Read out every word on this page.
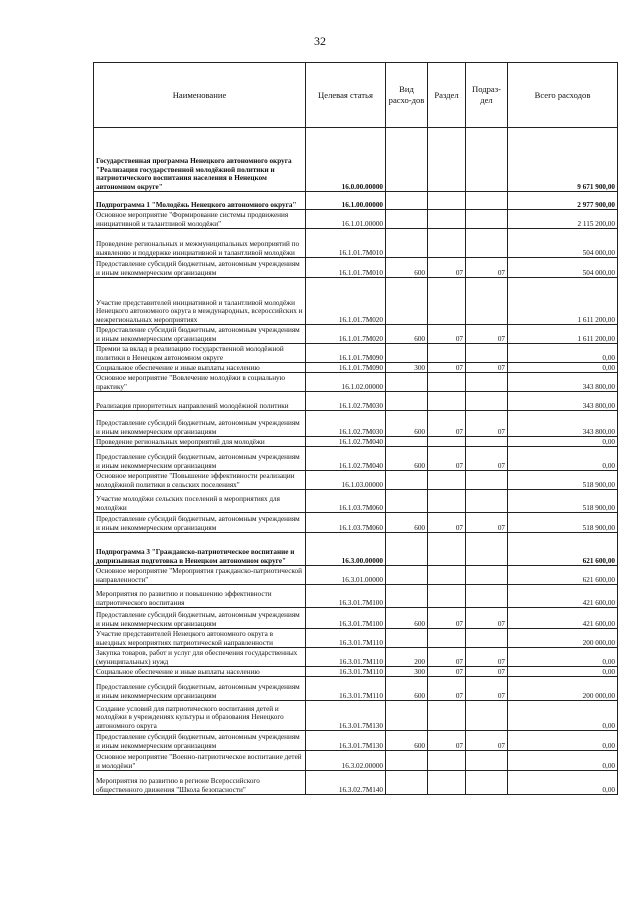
32
Наименование	Целевая статья	Вид расхо-дов	Раздел	Подраз-дел	Всего расходов
Государственная программа Ненецкого автономного округа "Реализация государственной молодёжной политики и патриотического воспитания населения в Ненецком автономном округе"	16.0.00.00000				9 671 900,00
Подпрограмма 1 "Молодёжь Ненецкого автономного округа"	16.1.00.00000				2 977 900,00
Основное мероприятие "Формирование системы продвижения инициативной и талантливой молодёжи"	16.1.01.00000				2 115 200,00
Проведение региональных и межмуниципальных мероприятий по выявлению и поддержке инициативной и талантливой молодёжи	16.1.01.7М010				504 000,00
Предоставление субсидий бюджетным, автономным учреждениям и иным некоммерческим организациям	16.1.01.7М010	600	07	07	504 000,00
Участие представителей инициативной и талантливой молодёжи Ненецкого автономного округа в международных, всероссийских и межрегиональных мероприятиях	16.1.01.7М020				1 611 200,00
Предоставление субсидий бюджетным, автономным учреждениям и иным некоммерческим организациям	16.1.01.7М020	600	07	07	1 611 200,00
Премии за вклад в реализацию государственной молодёжной политики в Ненецком автономном округе	16.1.01.7М090				0,00
Социальное обеспечение и иные выплаты населению	16.1.01.7М090	300	07	07	0,00
Основное мероприятие "Вовлечение молодёжи в социальную практику"	16.1.02.00000				343 800,00
Реализация приоритетных направлений молодёжной политики	16.1.02.7М030				343 800,00
Предоставление субсидий бюджетным, автономным учреждениям и иным некоммерческим организациям	16.1.02.7М030	600	07	07	343 800,00
Проведение региональных мероприятий для молодёжи	16.1.02.7М040				0,00
Предоставление субсидий бюджетным, автономным учреждениям и иным некоммерческим организациям	16.1.02.7М040	600	07	07	0,00
Основное мероприятие "Повышение эффективности реализации молодёжной политики в сельских поселениях"	16.1.03.00000				518 900,00
Участие молодёжи сельских поселений в мероприятиях для молодёжи	16.1.03.7М060				518 900,00
Предоставление субсидий бюджетным, автономным учреждениям и иным некоммерческим организациям	16.1.03.7М060	600	07	07	518 900,00
Подпрограмма 3 "Гражданско-патриотическое воспитание и допризывная подготовка в Ненецком автономном округе"	16.3.00.00000				621 600,00
Основное мероприятие "Мероприятия гражданско-патриотической направленности"	16.3.01.00000				621 600,00
Мероприятия по развитию и повышению эффективности патриотического воспитания	16.3.01.7М100				421 600,00
Предоставление субсидий бюджетным, автономным учреждениям и иным некоммерческим организациям	16.3.01.7М100	600	07	07	421 600,00
Участие представителей Ненецкого автономного округа в выездных мероприятиях патриотической направленности	16.3.01.7М110				200 000,00
Закупка товаров, работ и услуг для обеспечения государственных (муниципальных) нужд	16.3.01.7М110	200	07	07	0,00
Социальное обеспечение и иные выплаты населению	16.3.01.7М110	300	07	07	0,00
Предоставление субсидий бюджетным, автономным учреждениям и иным некоммерческим организациям	16.3.01.7М110	600	07	07	200 000,00
Создание условий для патриотического воспитания детей и молодёжи в учреждениях культуры и образования Ненецкого автономного округа	16.3.01.7М130				0,00
Предоставление субсидий бюджетным, автономным учреждениям и иным некоммерческим организациям	16.3.01.7М130	600	07	07	0,00
Основное мероприятие "Военно-патриотическое воспитание детей и молодёжи"	16.3.02.00000				0,00
Мероприятия по развитию в регионе Всероссийского общественного движения "Школа безопасности"	16.3.02.7М140				0,00
